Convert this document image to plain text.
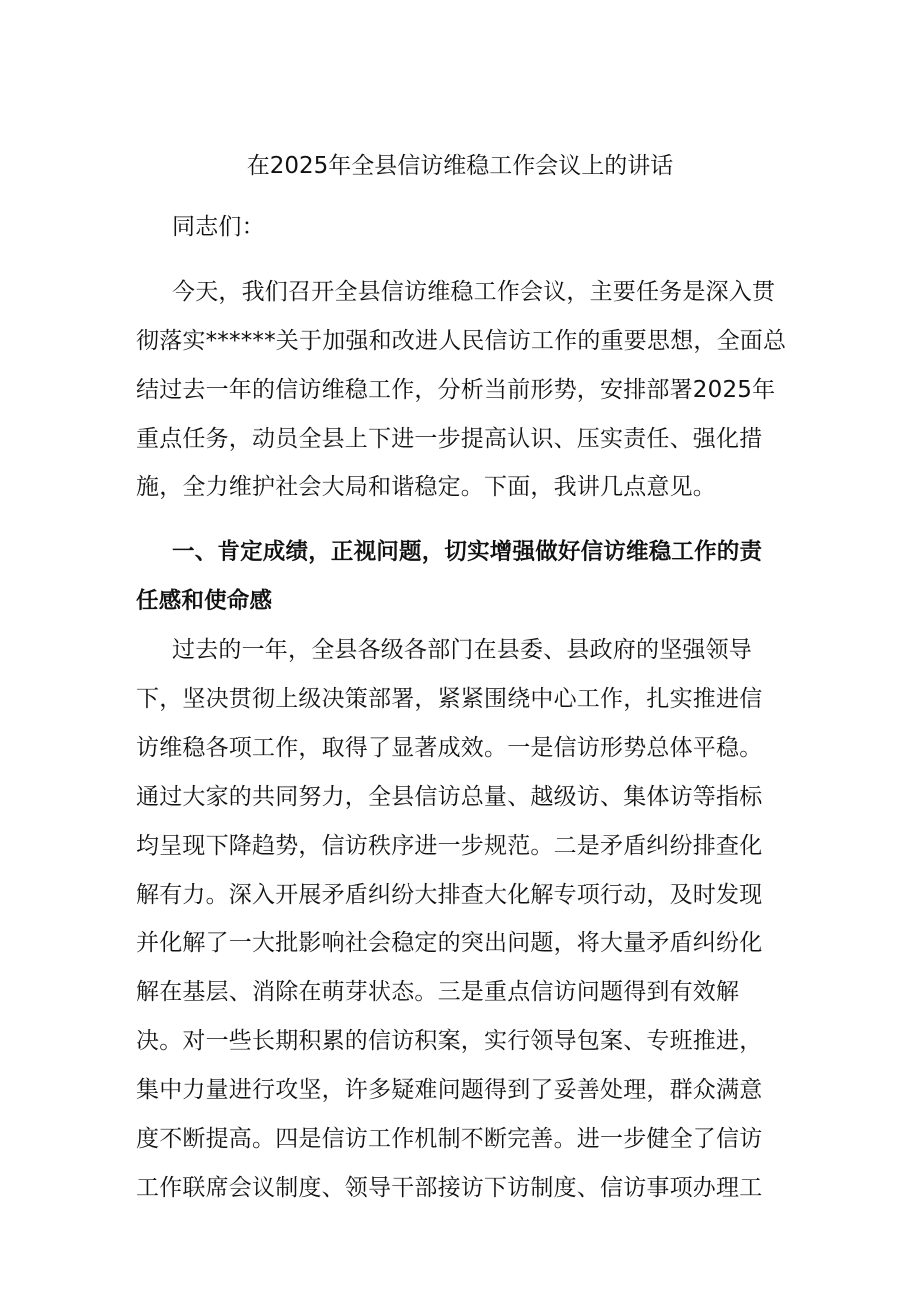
在2025年全县信访维稳工作会议上的讲话
同志们：
今天，我们召开全县信访维稳工作会议，主要任务是深入贯
彻落实******关于加强和改进人民信访工作的重要思想，全面总
结过去一年的信访维稳工作，分析当前形势，安排部署2025年
重点任务，动员全县上下进一步提高认识、压实责任、强化措
施，全力维护社会大局和谐稳定。下面，我讲几点意见。
一、肯定成绩，正视问题，切实增强做好信访维稳工作的责
任感和使命感
过去的一年，全县各级各部门在县委、县政府的坚强领导
下，坚决贯彻上级决策部署，紧紧围绕中心工作，扎实推进信
访维稳各项工作，取得了显著成效。一是信访形势总体平稳。
通过大家的共同努力，全县信访总量、越级访、集体访等指标
均呈现下降趋势，信访秩序进一步规范。二是矛盾纠纷排查化
解有力。深入开展矛盾纠纷大排查大化解专项行动，及时发现
并化解了一大批影响社会稳定的突出问题，将大量矛盾纠纷化
解在基层、消除在萌芽状态。三是重点信访问题得到有效解
决。对一些长期积累的信访积案，实行领导包案、专班推进，
集中力量进行攻坚，许多疑难问题得到了妥善处理，群众满意
度不断提高。四是信访工作机制不断完善。进一步健全了信访
工作联席会议制度、领导干部接访下访制度、信访事项办理工
